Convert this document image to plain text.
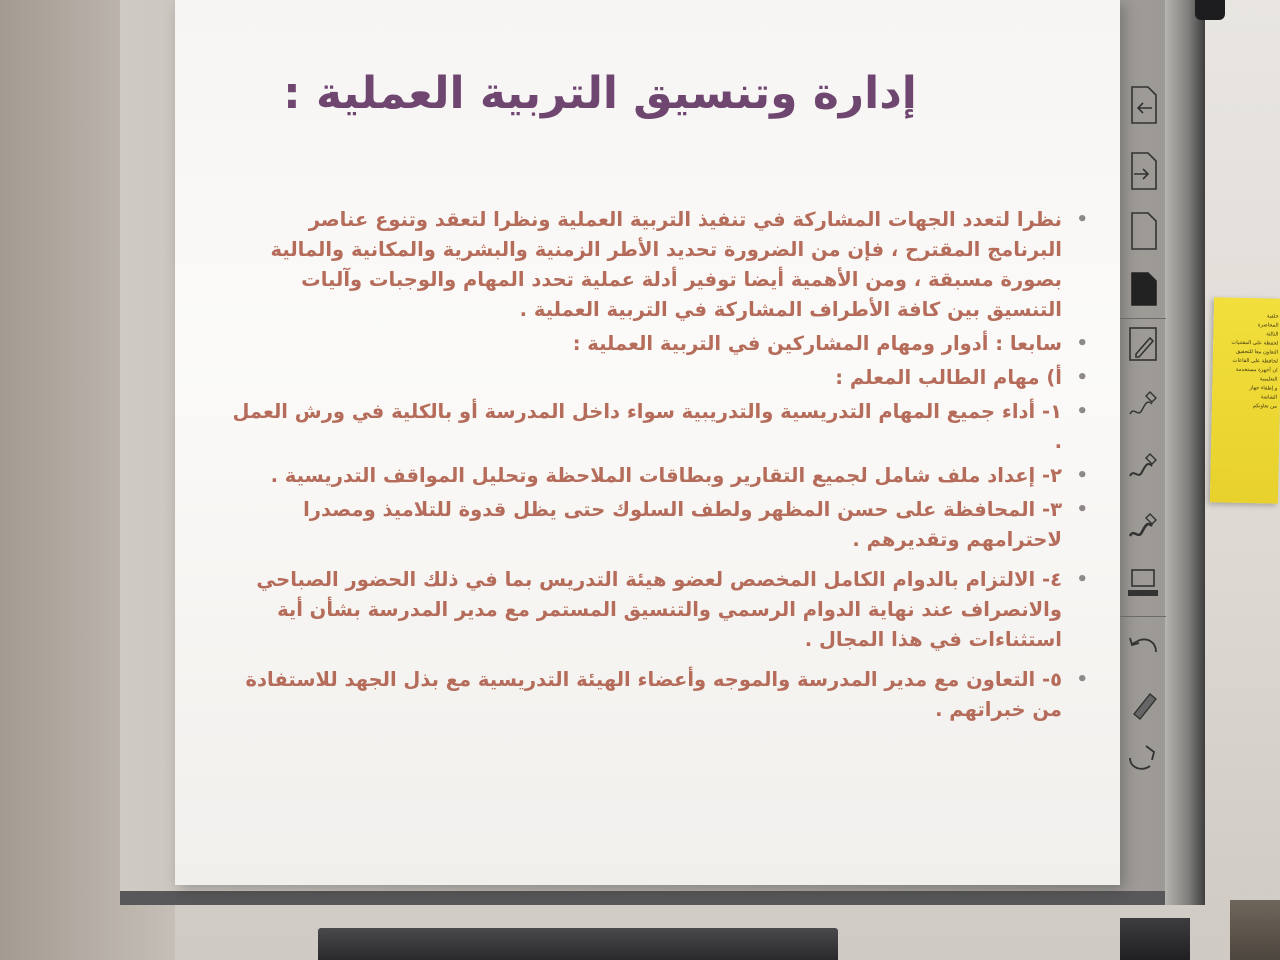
إدارة وتنسيق التربية العملية :

• نظرا لتعدد الجهات المشاركة في تنفيذ التربية العملية ونظرا لتعقد وتنوع عناصر البرنامج المقترح ، فإن من الضرورة تحديد الأطر الزمنية والبشرية والمكانية والمالية بصورة مسبقة ، ومن الأهمية أيضا توفير أدلة عملية تحدد المهام والوجبات وآليات التنسيق بين كافة الأطراف المشاركة في التربية العملية .

• سابعا : أدوار ومهام المشاركين في التربية العملية :

• أ) مهام الطالب المعلم :

• ١- أداء جميع المهام التدريسية والتدريبية سواء داخل المدرسة أو بالكلية في ورش العمل .

• ٢- إعداد ملف شامل لجميع التقارير وبطاقات الملاحظة وتحليل المواقف التدريسية .

• ٣- المحافظة على حسن المظهر ولطف السلوك حتى يظل قدوة للتلاميذ ومصدرا لاحترامهم وتقديرهم .

• ٤- الالتزام بالدوام الكامل المخصص لعضو هيئة التدريس بما في ذلك الحضور الصباحي والانصراف عند نهاية الدوام الرسمي والتنسيق المستمر مع مدير المدرسة بشأن أية استثناءات في هذا المجال .

• ٥- التعاون مع مدير المدرسة والموجه وأعضاء الهيئة التدريسية مع بذل الجهد للاستفادة من خبراتهم .

خلفية
المحاضرة
الثالثة
لحفظة على المقتنيات
التعاون معا للتحقيق
لحافظة على القاعات
ان أجهزة مستخدمة
التعليمية
و إطفاء جهاز
الشاشة
من تعاونكم
